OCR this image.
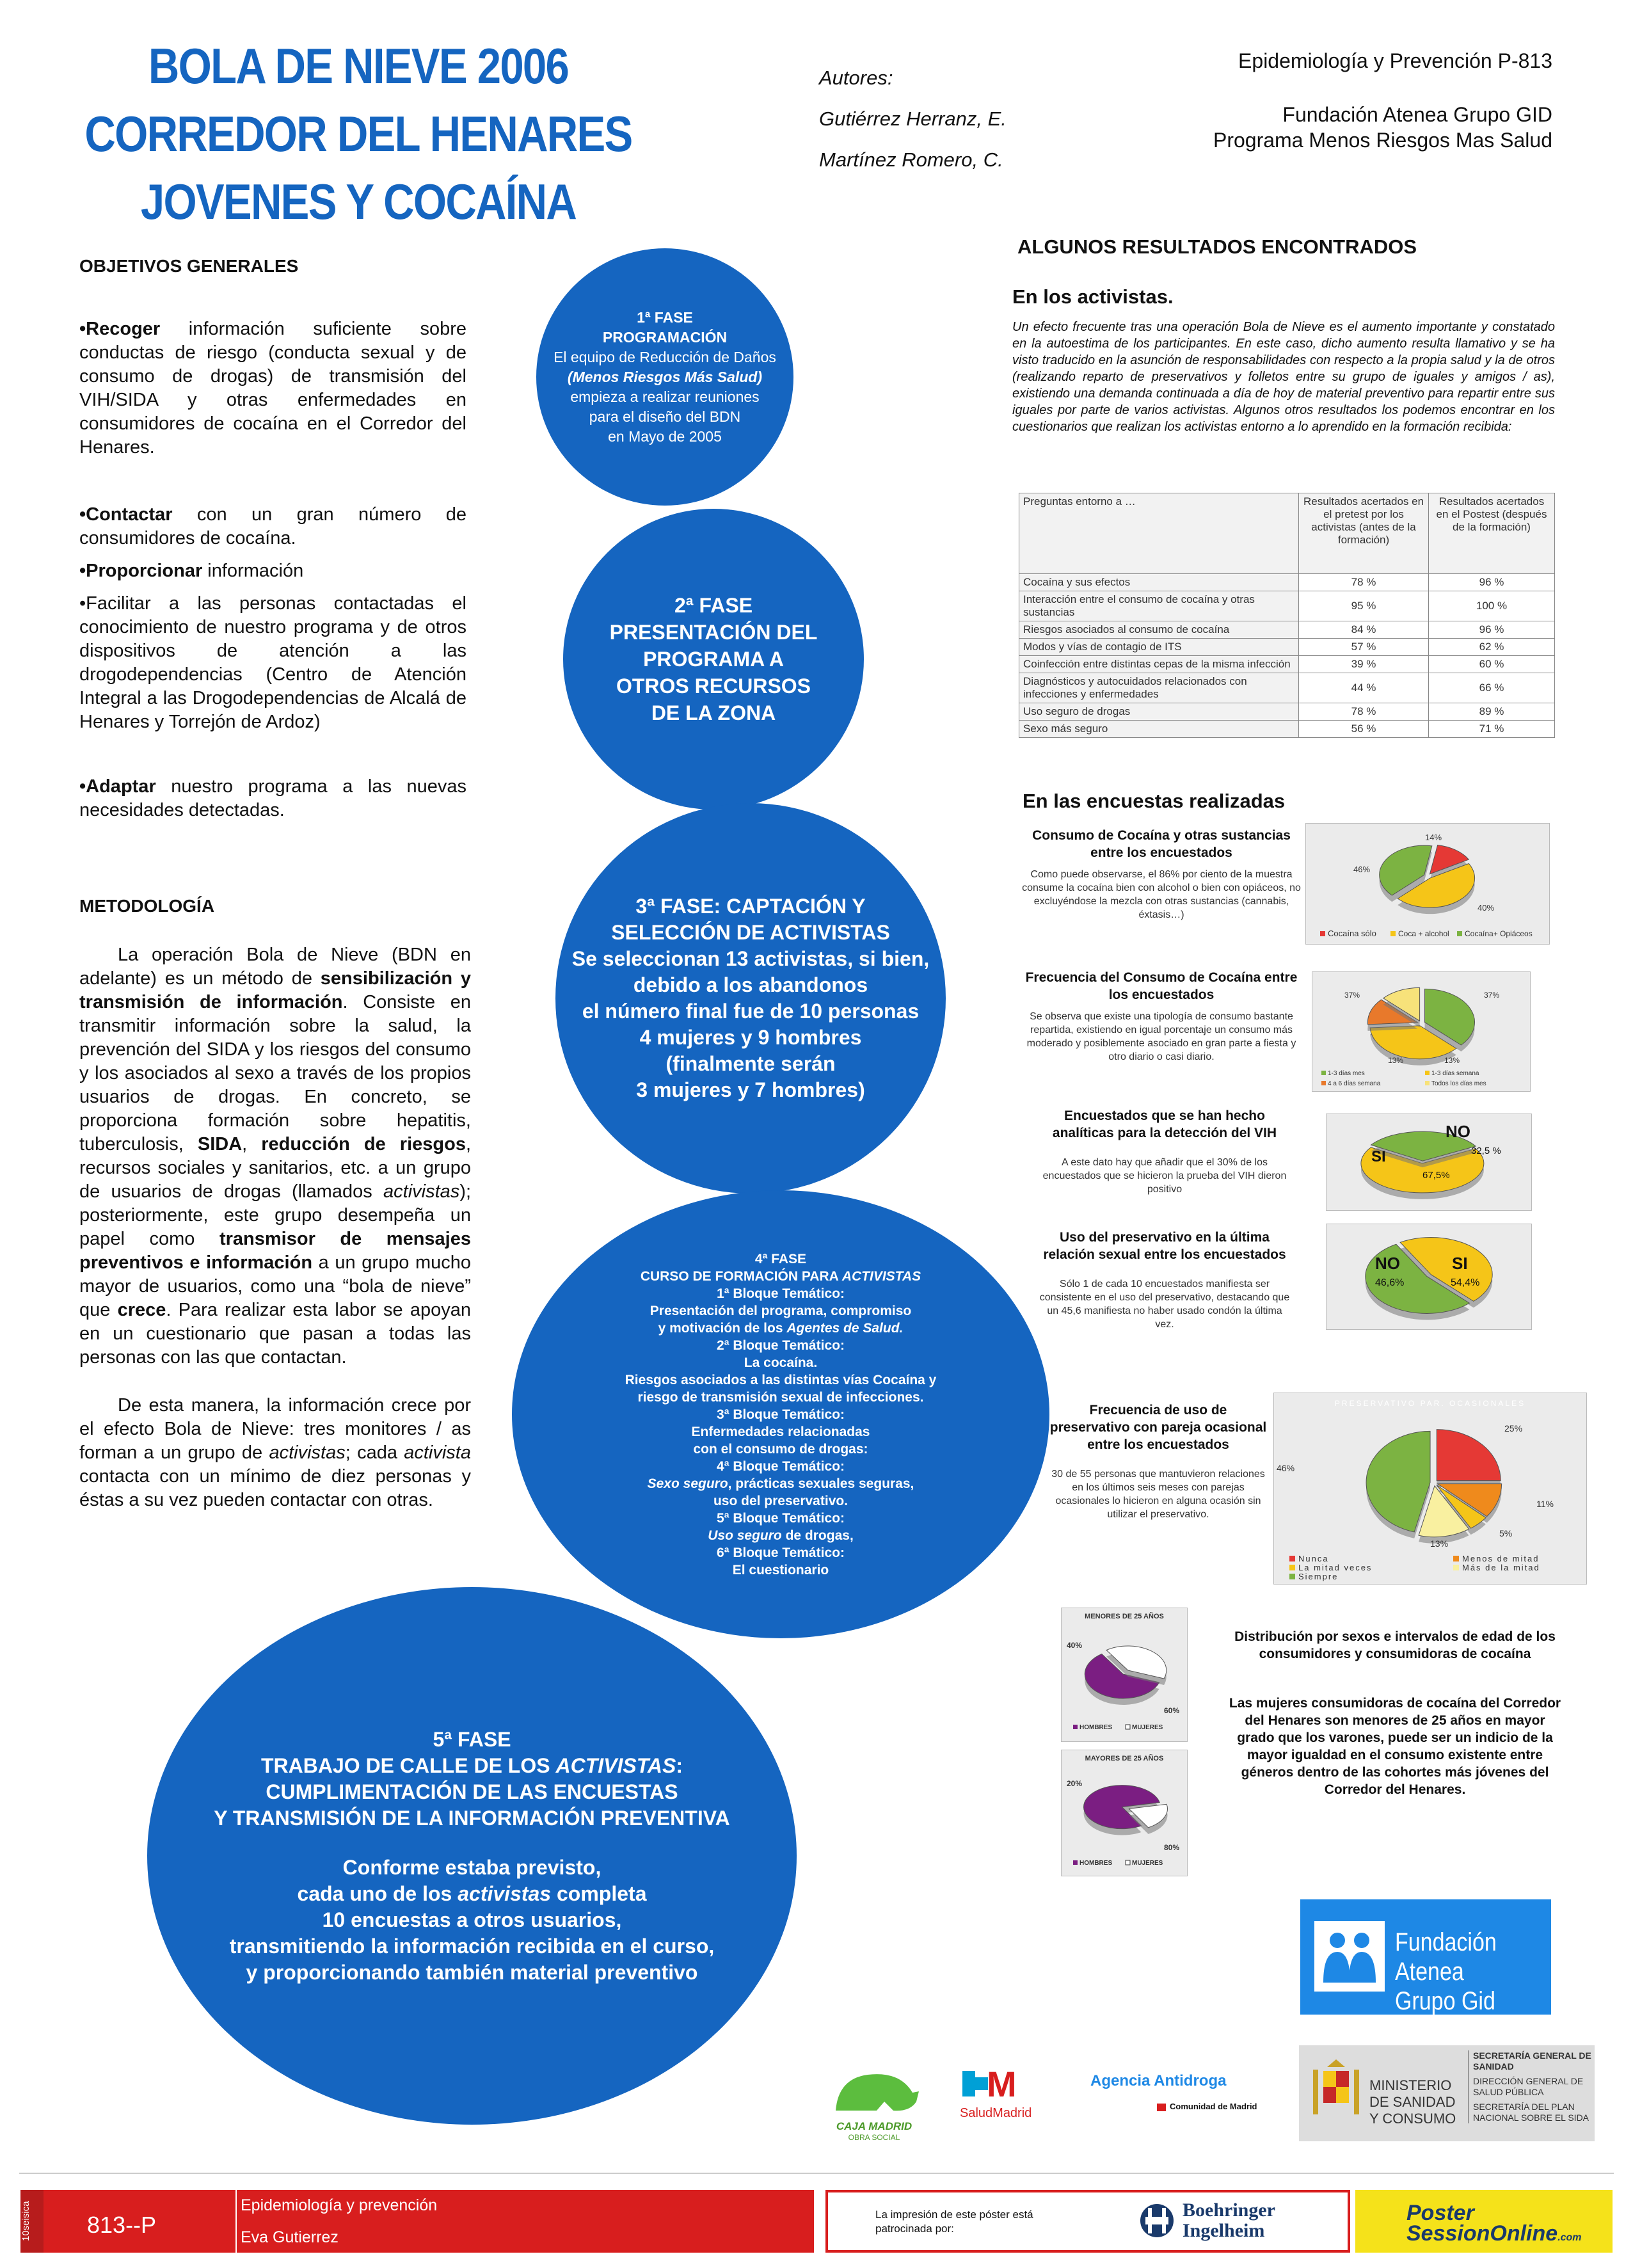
BOLA DE NIEVE 2006
CORREDOR DEL HENARES
JOVENES Y COCAÍNA
Autores:
Gutiérrez Herranz, E.
Martínez Romero, C.
Epidemiología y Prevención P-813
Fundación Atenea Grupo GID
Programa Menos Riesgos Mas Salud
OBJETIVOS GENERALES
•Recoger información suficiente sobre conductas de riesgo (conducta sexual y de consumo de drogas) de transmisión del VIH/SIDA y otras enfermedades en consumidores de cocaína en el Corredor del Henares.
•Contactar con un gran número de consumidores de cocaína.
•Proporcionar información
•Facilitar a las personas contactadas el conocimiento de nuestro programa y de otros dispositivos de atención a las drogodependencias (Centro de Atención Integral a las Drogodependencias de Alcalá de Henares y Torrejón de Ardoz)
•Adaptar nuestro programa a las nuevas necesidades detectadas.
METODOLOGÍA
La operación Bola de Nieve (BDN en adelante) es un método de sensibilización y transmisión de información. Consiste en transmitir información sobre la salud, la prevención del SIDA y los riesgos del consumo y los asociados al sexo a través de los propios usuarios de drogas. En concreto, se proporciona formación sobre hepatitis, tuberculosis, SIDA, reducción de riesgos, recursos sociales y sanitarios, etc. a un grupo de usuarios de drogas (llamados activistas); posteriormente, este grupo desempeña un papel como transmisor de mensajes preventivos e información a un grupo mucho mayor de usuarios, como una “bola de nieve” que crece. Para realizar esta labor se apoyan en un cuestionario que pasan a todas las personas con las que contactan.
De esta manera, la información crece por el efecto Bola de Nieve: tres monitores / as forman a un grupo de activistas; cada activista contacta con un mínimo de diez personas y éstas a su vez pueden contactar con otras.
1ª FASE
PROGRAMACIÓN
El equipo de Reducción de Daños
(Menos Riesgos Más Salud)
empieza a realizar reuniones
para el diseño del BDN
en Mayo de 2005
2ª FASE
PRESENTACIÓN DEL
PROGRAMA A
OTROS RECURSOS
DE LA ZONA
3ª FASE: CAPTACIÓN Y
SELECCIÓN DE ACTIVISTAS
Se seleccionan 13 activistas, si bien,
debido a los abandonos
el número final fue de 10 personas
4 mujeres y 9 hombres
(finalmente serán
3 mujeres y 7 hombres)
4ª FASE
CURSO DE FORMACIÓN PARA ACTIVISTAS
1ª Bloque Temático:
Presentación del programa, compromiso
y motivación de los Agentes de Salud.
2ª Bloque Temático:
La cocaína.
Riesgos asociados a las distintas vías Cocaína y
riesgo de transmisión sexual de infecciones.
3ª Bloque Temático:
Enfermedades relacionadas
con el consumo de drogas:
4ª Bloque Temático:
Sexo seguro, prácticas sexuales seguras,
uso del preservativo.
5ª Bloque Temático:
Uso seguro de drogas,
6ª Bloque Temático:
El cuestionario
5ª FASE
TRABAJO DE CALLE DE LOS ACTIVISTAS:
CUMPLIMENTACIÓN DE LAS ENCUESTAS
Y TRANSMISIÓN DE LA INFORMACIÓN PREVENTIVA
Conforme estaba previsto,
cada uno de los activistas completa
10 encuestas a otros usuarios,
transmitiendo la información recibida en el curso,
y proporcionando también material preventivo
ALGUNOS RESULTADOS ENCONTRADOS
En los activistas.
Un efecto frecuente tras una operación Bola de Nieve es el aumento importante y constatado en la autoestima de los participantes. En este caso, dicho aumento resulta llamativo y se ha visto traducido en la asunción de responsabilidades con respecto a la propia salud y la de otros (realizando reparto de preservativos y folletos entre su grupo de iguales y amigos / as), existiendo una demanda continuada a día de hoy de material preventivo para repartir entre sus iguales por parte de varios activistas. Algunos otros resultados los podemos encontrar en los cuestionarios que realizan los activistas entorno a lo aprendido en la formación recibida:
Preguntas entorno a …	Resultados acertados en el pretest por los activistas (antes de la formación)	Resultados acertados en el Postest (después de la formación)
Cocaína y sus efectos	78 %	96 %
Interacción entre el consumo de cocaína y otras sustancias	95 %	100 %
Riesgos asociados al consumo de cocaína	84 %	96 %
Modos y vías de contagio de ITS	57 %	62 %
Coinfección entre distintas cepas de la misma infección	39 %	60 %
Diagnósticos y autocuidados relacionados con infecciones y enfermedades	44 %	66 %
Uso seguro de drogas	78 %	89 %
Sexo más seguro	56 %	71 %
En las encuestas realizadas
Consumo de Cocaína y otras sustancias entre los encuestados
Como puede observarse, el 86% por ciento de la muestra consume la cocaína bien con alcohol o bien con opiáceos, no excluyéndose la mezcla con otras sustancias (cannabis, éxtasis…)
14%
46%
40%
Cocaína sólo	Coca + alcohol Cocaína+ Opiáceos
Frecuencia del Consumo de Cocaína entre los encuestados
Se observa que existe una tipología de consumo bastante repartida, existiendo en igual porcentaje un consumo más moderado y posiblemente asociado en gran parte a fiesta y otro diario o casi diario.
37%	37%
13%	13%
1-3 días mes	1-3 días semana
4 a 6 días semana	Todos los días mes
Encuestados que se han hecho analíticas para la detección del VIH
A este dato hay que añadir que el 30% de los encuestados que se hicieron la prueba del VIH dieron positivo
SI
67,5%
NO
32,5 %
Uso del preservativo en la última relación sexual entre los encuestados
Sólo 1 de cada 10 encuestados manifiesta ser consistente en el uso del preservativo, destacando que un 45,6 manifiesta no haber usado condón la última vez.
NO
46,6%
SI
54,4%
Frecuencia de uso de preservativo con pareja ocasional entre los encuestados
30 de 55 personas que mantuvieron relaciones en los últimos seis meses con parejas ocasionales lo hicieron en alguna ocasión sin utilizar el preservativo.
PRESERVATIVO PAR. OCASIONALES
25%
11%
5%
13%
46%
Nunca	Menos de mitad
La mitad veces	Más de la mitad
Siempre
MENORES DE 25 AÑOS
40%
60%
HOMBRES	MUJERES
MAYORES DE 25 AÑOS
20%
80%
HOMBRES	MUJERES
Distribución por sexos e intervalos de edad de los consumidores y consumidoras de cocaína
Las mujeres consumidoras de cocaína del Corredor del Henares son menores de 25 años en mayor grado que los varones, puede ser un indicio de la mayor igualdad en el consumo existente entre géneros dentro de las cohortes más jóvenes del Corredor del Henares.
Fundación Atenea
Grupo Gid
CAJA MADRID
OBRA SOCIAL
M
SaludMadrid
Agencia Antidroga
Comunidad de Madrid
MINISTERIO
DE SANIDAD
Y CONSUMO
SECRETARÍA GENERAL DE SANIDAD
DIRECCIÓN GENERAL DE SALUD PÚBLICA
SECRETARÍA DEL PLAN NACIONAL SOBRE EL SIDA
10seisica	813--P
Epidemiología y prevención
Eva Gutierrez
La impresión de este póster está patrocinada por:
Boehringer
Ingelheim
Poster
SessionOnline.com
